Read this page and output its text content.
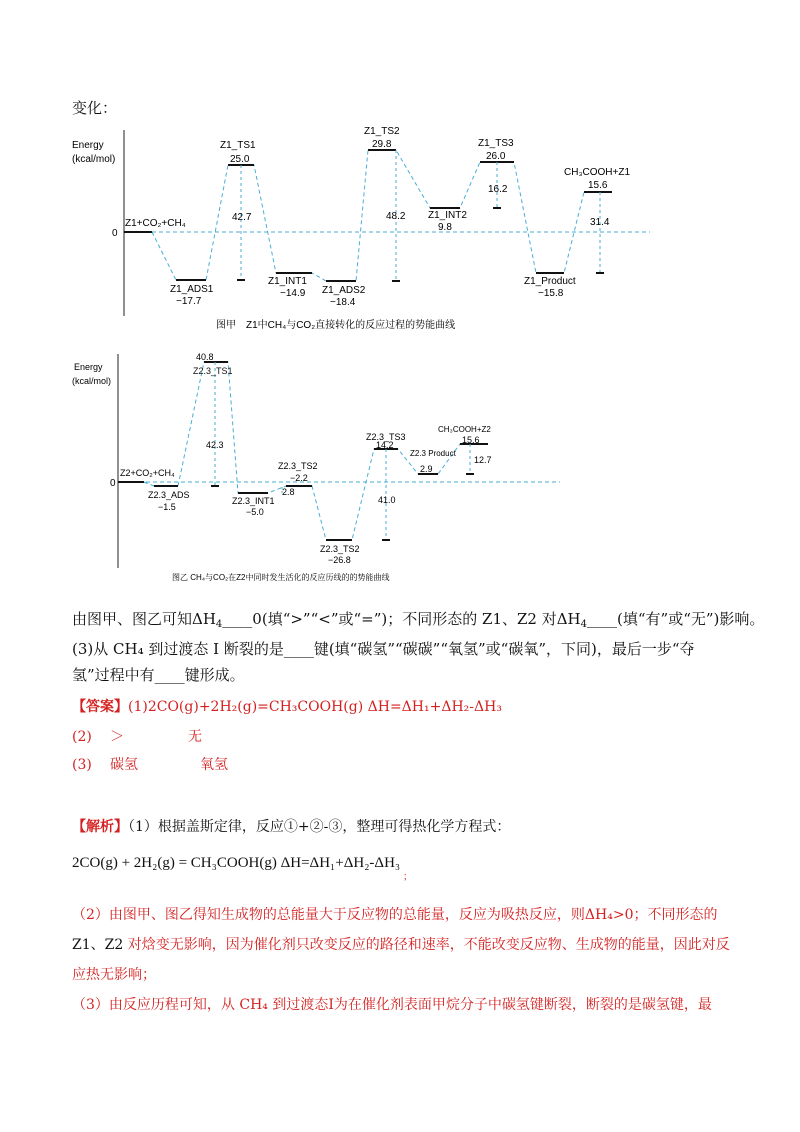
变化：
Energy
(kcal/mol)
0
Z1+CO₂+CH₄
Z1_ADS1
−17.7
Z1_TS1
25.0
Z1_INT1
−14.9 Z1_ADS2
−18.4
Z1_TS2
29.8
Z1_INT2
9.8
Z1_TS3
26.0
Z1_Product
−15.8
CH₃COOH+Z1
15.6
42.7	48.2
16.2
31.4
图甲　Z1中CH₄与CO₂直接转化的反应过程的势能曲线
Energy
(kcal/mol)
0
Z2+CO₂+CH₄
Z2.3_ADS
−1.5
40.8
Z2.3_INT1
−5.0
Z2.3_TS2
−2.2
Z2.3_TS2
−26.8
Z2.3_TS3
14.2
Z2.3 Product
2.9
CH₃COOH+Z2
15.6
42.3
2.8
41.0
12.7
图乙 CH₄与CO₂在Z2中同时发生活化的反应历线的的势能曲线
Z2.3_TS1
由图甲、图乙可知$\Delta H_4\_\_\_\_0$(填“>”“<”或“=”)；不同形态的 Z1、Z2 对$\Delta H_4\_\_\_\_$(填“有”或“无”)影响。
(3)从 CH₄ 到过渡态 I 断裂的是____键(填“碳氢”“碳碳”“氧氢”或“碳氧”，下同)，最后一步“夺
氢”过程中有____键形成。
【答案】(1)2CO(g)+2H₂(g)=CH₃COOH(g) ΔH=ΔH₁+ΔH₂-ΔH₃
(2) ＞	无
(3) 碳氢	氧氢
【解析】（1）根据盖斯定律，反应①+②-③，整理可得热化学方程式：
2CO(g) + 2H₂(g) = CH₃COOH(g) ΔH=ΔH₁+ΔH₂-ΔH₃ $_;$
（2）由图甲、图乙得知生成物的总能量大于反应物的总能量，反应为吸热反应，则ΔH₄>0；不同形态的
Z1、Z2 对焓变无影响，因为催化剂只改变反应的路径和速率，不能改变反应物、生成物的能量，因此对反
应热无影响；
（3）由反应历程可知，从 CH₄ 到过渡态Ⅰ为在催化剂表面甲烷分子中碳氢键断裂，断裂的是碳氢键，最
